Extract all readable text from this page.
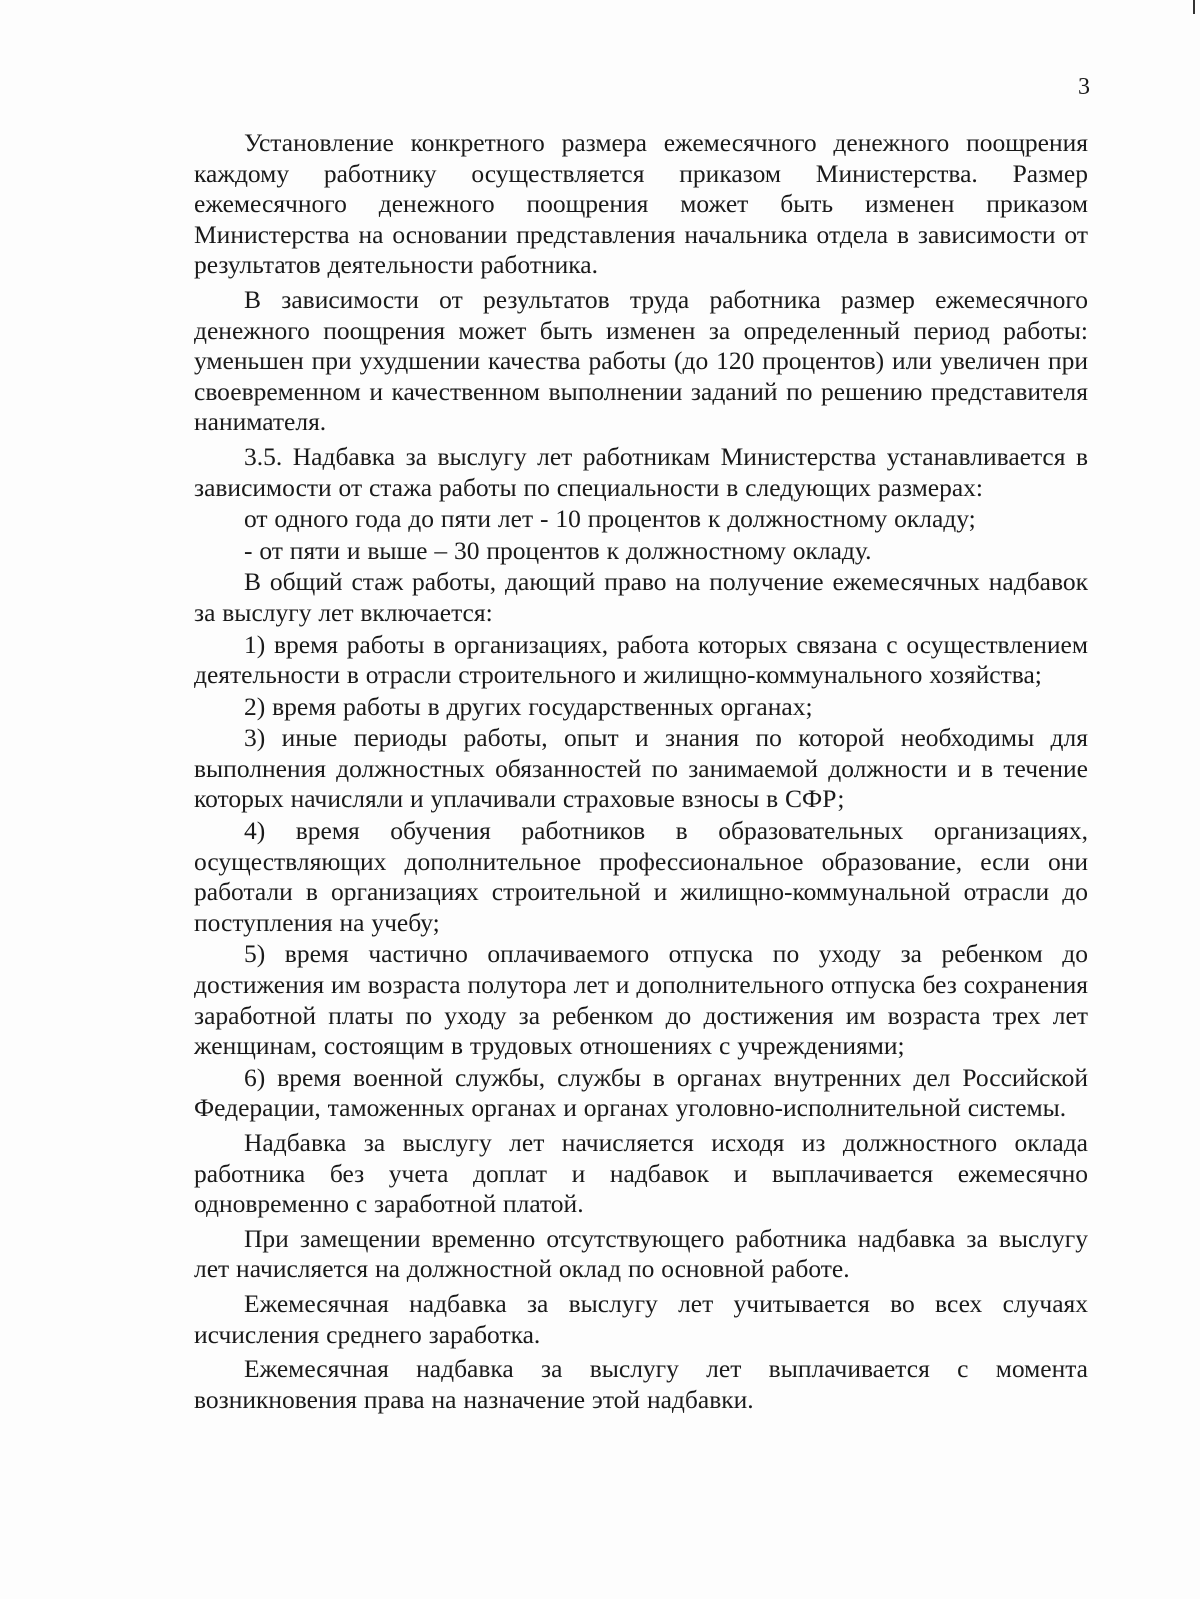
3

Установление конкретного размера ежемесячного денежного поощрения каждому работнику осуществляется приказом Министерства. Размер ежемесячного денежного поощрения может быть изменен приказом Министерства на основании представления начальника отдела в зависимости от результатов деятельности работника.

В зависимости от результатов труда работника размер ежемесячного денежного поощрения может быть изменен за определенный период работы: уменьшен при ухудшении качества работы (до 120 процентов) или увеличен при своевременном и качественном выполнении заданий по решению представителя нанимателя.

3.5. Надбавка за выслугу лет работникам Министерства устанавливается в зависимости от стажа работы по специальности в следующих размерах:

от одного года до пяти лет - 10 процентов к должностному окладу;

- от пяти и выше – 30 процентов к должностному окладу.

В общий стаж работы, дающий право на получение ежемесячных надбавок за выслугу лет включается:

1) время работы в организациях, работа которых связана с осуществлением деятельности в отрасли строительного и жилищно-коммунального хозяйства;

2) время работы в других государственных органах;

3) иные периоды работы, опыт и знания по которой необходимы для выполнения должностных обязанностей по занимаемой должности и в течение которых начисляли и уплачивали страховые взносы в СФР;

4) время обучения работников в образовательных организациях, осуществляющих дополнительное профессиональное образование, если они работали в организациях строительной и жилищно-коммунальной отрасли до поступления на учебу;

5) время частично оплачиваемого отпуска по уходу за ребенком до достижения им возраста полутора лет и дополнительного отпуска без сохранения заработной платы по уходу за ребенком до достижения им возраста трех лет женщинам, состоящим в трудовых отношениях с учреждениями;

6) время военной службы, службы в органах внутренних дел Российской Федерации, таможенных органах и органах уголовно-исполнительной системы.

Надбавка за выслугу лет начисляется исходя из должностного оклада работника без учета доплат и надбавок и выплачивается ежемесячно одновременно с заработной платой.

При замещении временно отсутствующего работника надбавка за выслугу лет начисляется на должностной оклад по основной работе.

Ежемесячная надбавка за выслугу лет учитывается во всех случаях исчисления среднего заработка.

Ежемесячная надбавка за выслугу лет выплачивается с момента возникновения права на назначение этой надбавки.
